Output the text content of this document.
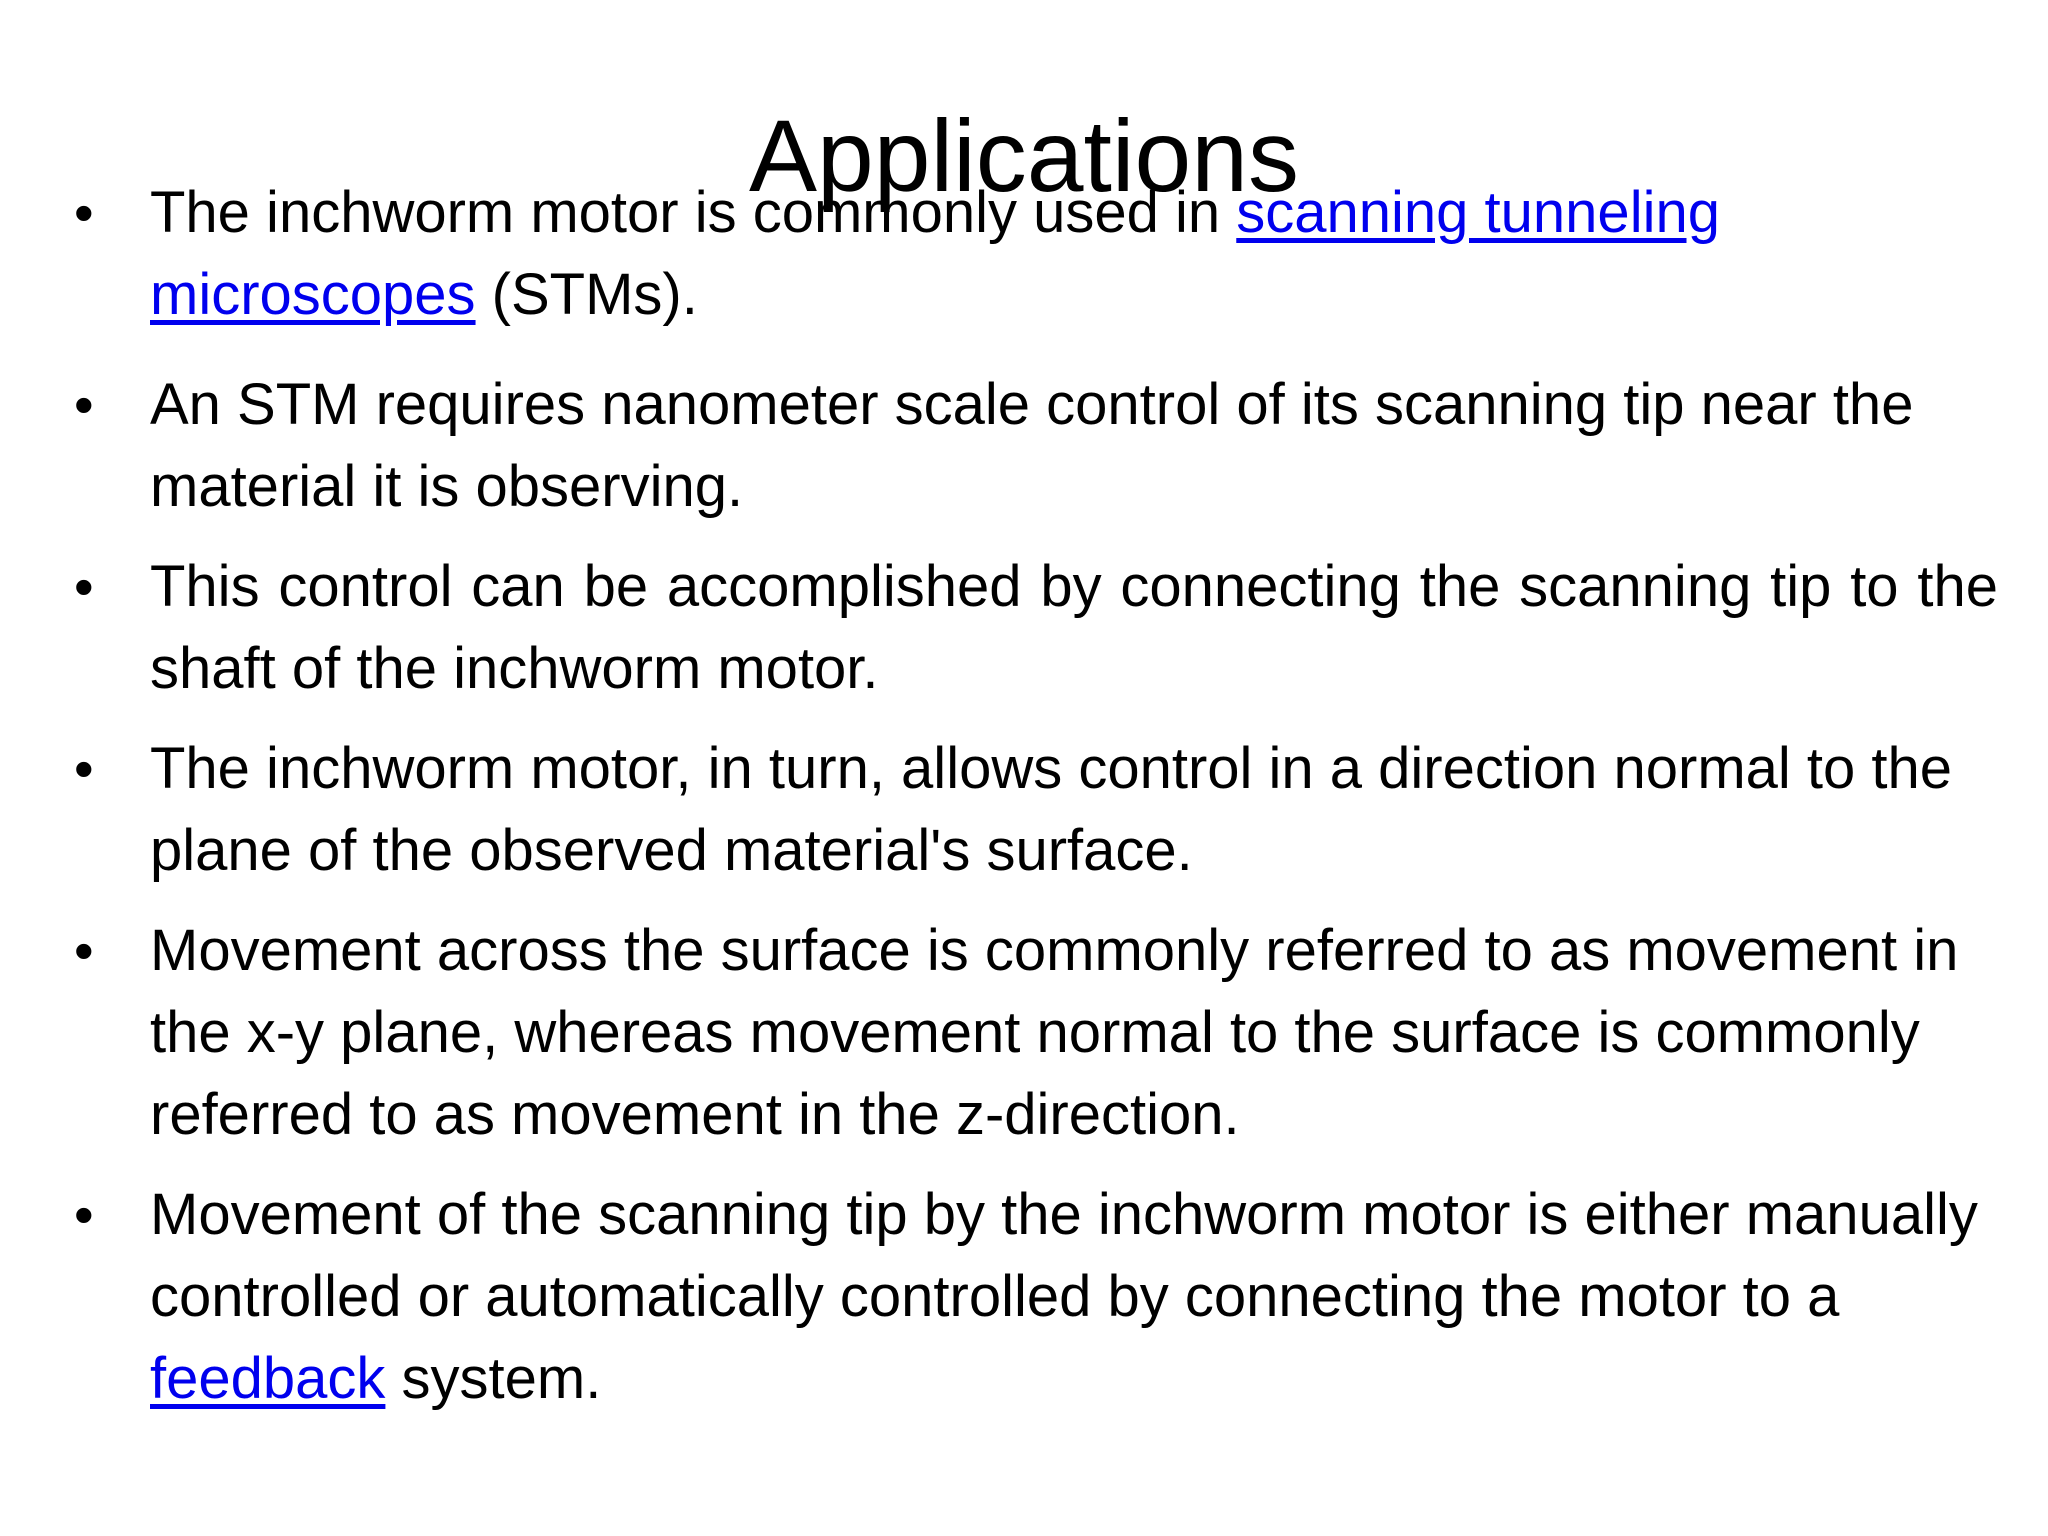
Applications
• The inchworm motor is commonly used in scanning tunneling microscopes (STMs).

• An STM requires nanometer scale control of its scanning tip near the material it is observing.

• This control can be accomplished by connecting the scanning tip to the shaft of the inchworm motor.

• The inchworm motor, in turn, allows control in a direction normal to the plane of the observed material's surface.

• Movement across the surface is commonly referred to as movement in the x-y plane, whereas movement normal to the surface is commonly referred to as movement in the z-direction.

• Movement of the scanning tip by the inchworm motor is either manually controlled or automatically controlled by connecting the motor to a feedback system.
